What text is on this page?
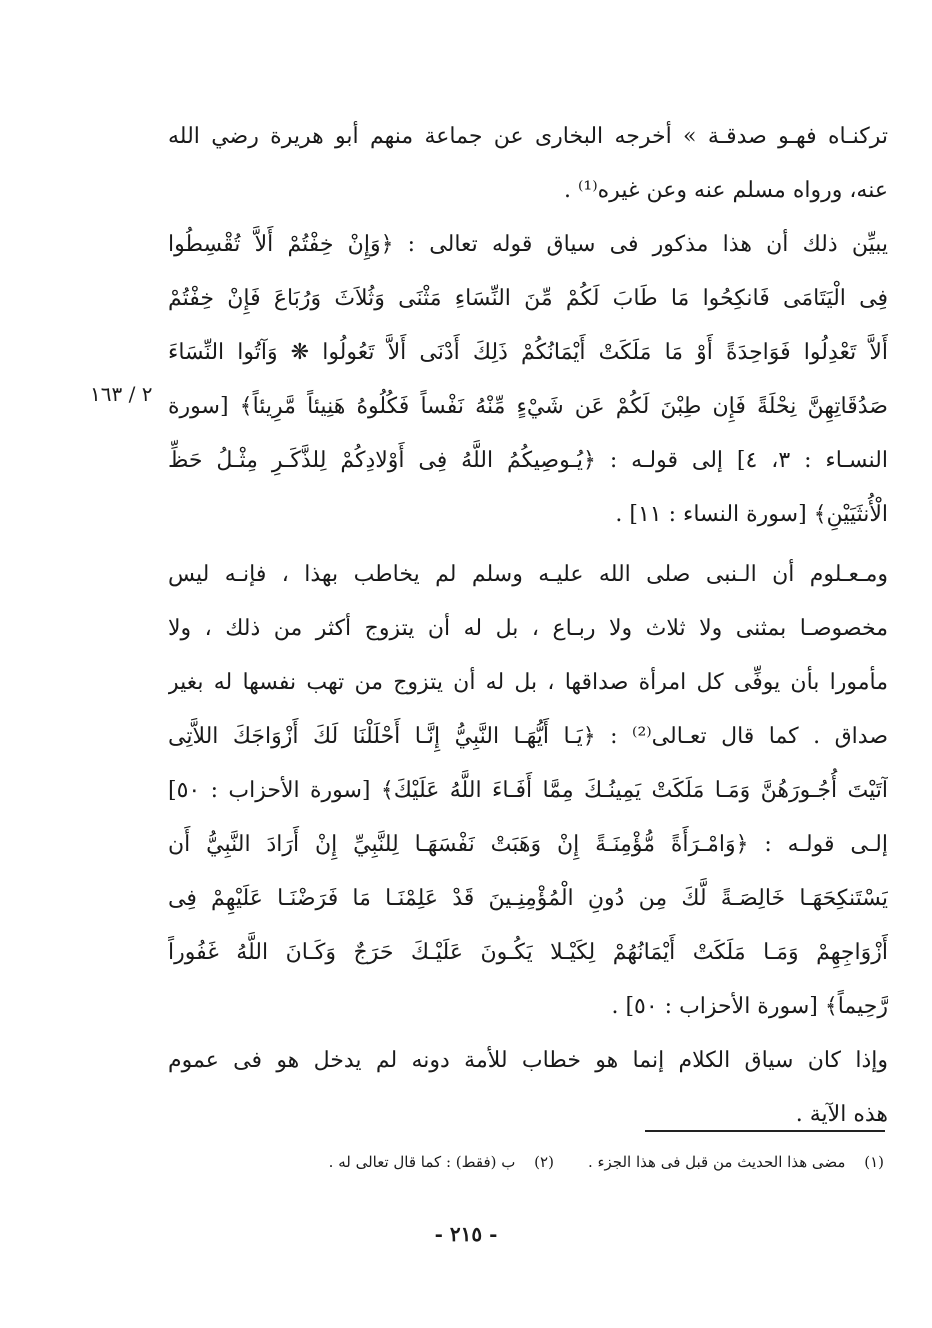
تركنـاه فهـو صدقـة » أخرجه البخارى عن جماعة منهم أبو هريرة رضي الله
عنه، ورواه مسلم عنه وعن غيره⁽¹⁾ .
يبيِّن ذلك أن هذا مذكور فى سياق قوله تعالى : ﴿وَإِنْ خِفْتُمْ أَلاَّ تُقْسِطُوا
فِى الْيَتَامَى فَانكِحُوا مَا طَابَ لَكُمْ مِّنَ النِّسَاءِ مَثْنَى وَثُلاَثَ وَرُبَاعَ فَإِنْ خِفْتُمْ
أَلاَّ تَعْدِلُوا فَوَاحِدَةً أَوْ مَا مَلَكَتْ أَيْمَانُكُمْ ذَلِكَ أَدْنَى أَلاَّ تَعُولُوا ❋ وَآتُوا النِّسَاءَ
صَدُقَاتِهِنَّ نِحْلَةً فَإِن طِبْنَ لَكُمْ عَن شَيْءٍ مِّنْهُ نَفْساً فَكُلُوهُ هَنِيئاً مَّرِيئاً﴾ [سورة
النسـاء : ٣، ٤] إلى قولـه : ﴿يُـوصِيكُمُ اللَّهُ فِى أَوْلادِكُمْ لِلذَّكَـرِ مِثْـلُ حَظِّ
الْأُنثَيَيْنِ﴾ [سورة النساء : ١١] .
ومـعـلوم أن الـنبى صلى الله عليـه وسلم لم يخاطب بهذا ، فإنـه ليس
مخصوصـا بمثنى ولا ثلاث ولا ربـاع ، بل له أن يتزوج أكثر من ذلك ، ولا
مأمورا بأن يوفِّى كل امرأة صداقها ، بل له أن يتزوج من تهب نفسها له بغير
صداق . كما قال تعـالى⁽²⁾ : ﴿يَـا أَيُّهَـا النَّبِيُّ إِنَّـا أَحْلَلْنَا لَكَ أَزْوَاجَكَ اللاَّتِى
آتَيْتَ أُجُـورَهُنَّ وَمَـا مَلَكَتْ يَمِينُـكَ مِمَّا أَفَـاءَ اللَّهُ عَلَيْكَ﴾ [سورة الأحزاب : ٥٠]
إلـى قولـه : ﴿وَامْـرَأَةً مُّؤْمِنَـةً إِنْ وَهَبَتْ نَفْسَهَـا لِلنَّبِيِّ إِنْ أَرَادَ النَّبِيُّ أَن
يَسْتَنكِحَهَـا خَالِصَـةً لَّكَ مِن دُونِ الْمُؤْمِنِـينَ قَدْ عَلِمْنَـا مَا فَرَضْنَـا عَلَيْهِمْ فِى
أَزْوَاجِهِمْ وَمَـا مَلَكَتْ أَيْمَانُهُمْ لِكَيْـلا يَكُـونَ عَلَيْـكَ حَرَجٌ وَكَـانَ اللَّهُ غَفُوراً
رَّحِيماً﴾ [سورة الأحزاب : ٥٠] .
وإذا كان سياق الكلام إنما هو خطاب للأمة دونه لم يدخل هو فى عموم
هذه الآية .
٢ / ١٦٣
(١) مضى هذا الحديث من قبل فى هذا الجزء .
(٢) ب (فقط) : كما قال تعالى له .
- ٢١٥ -
